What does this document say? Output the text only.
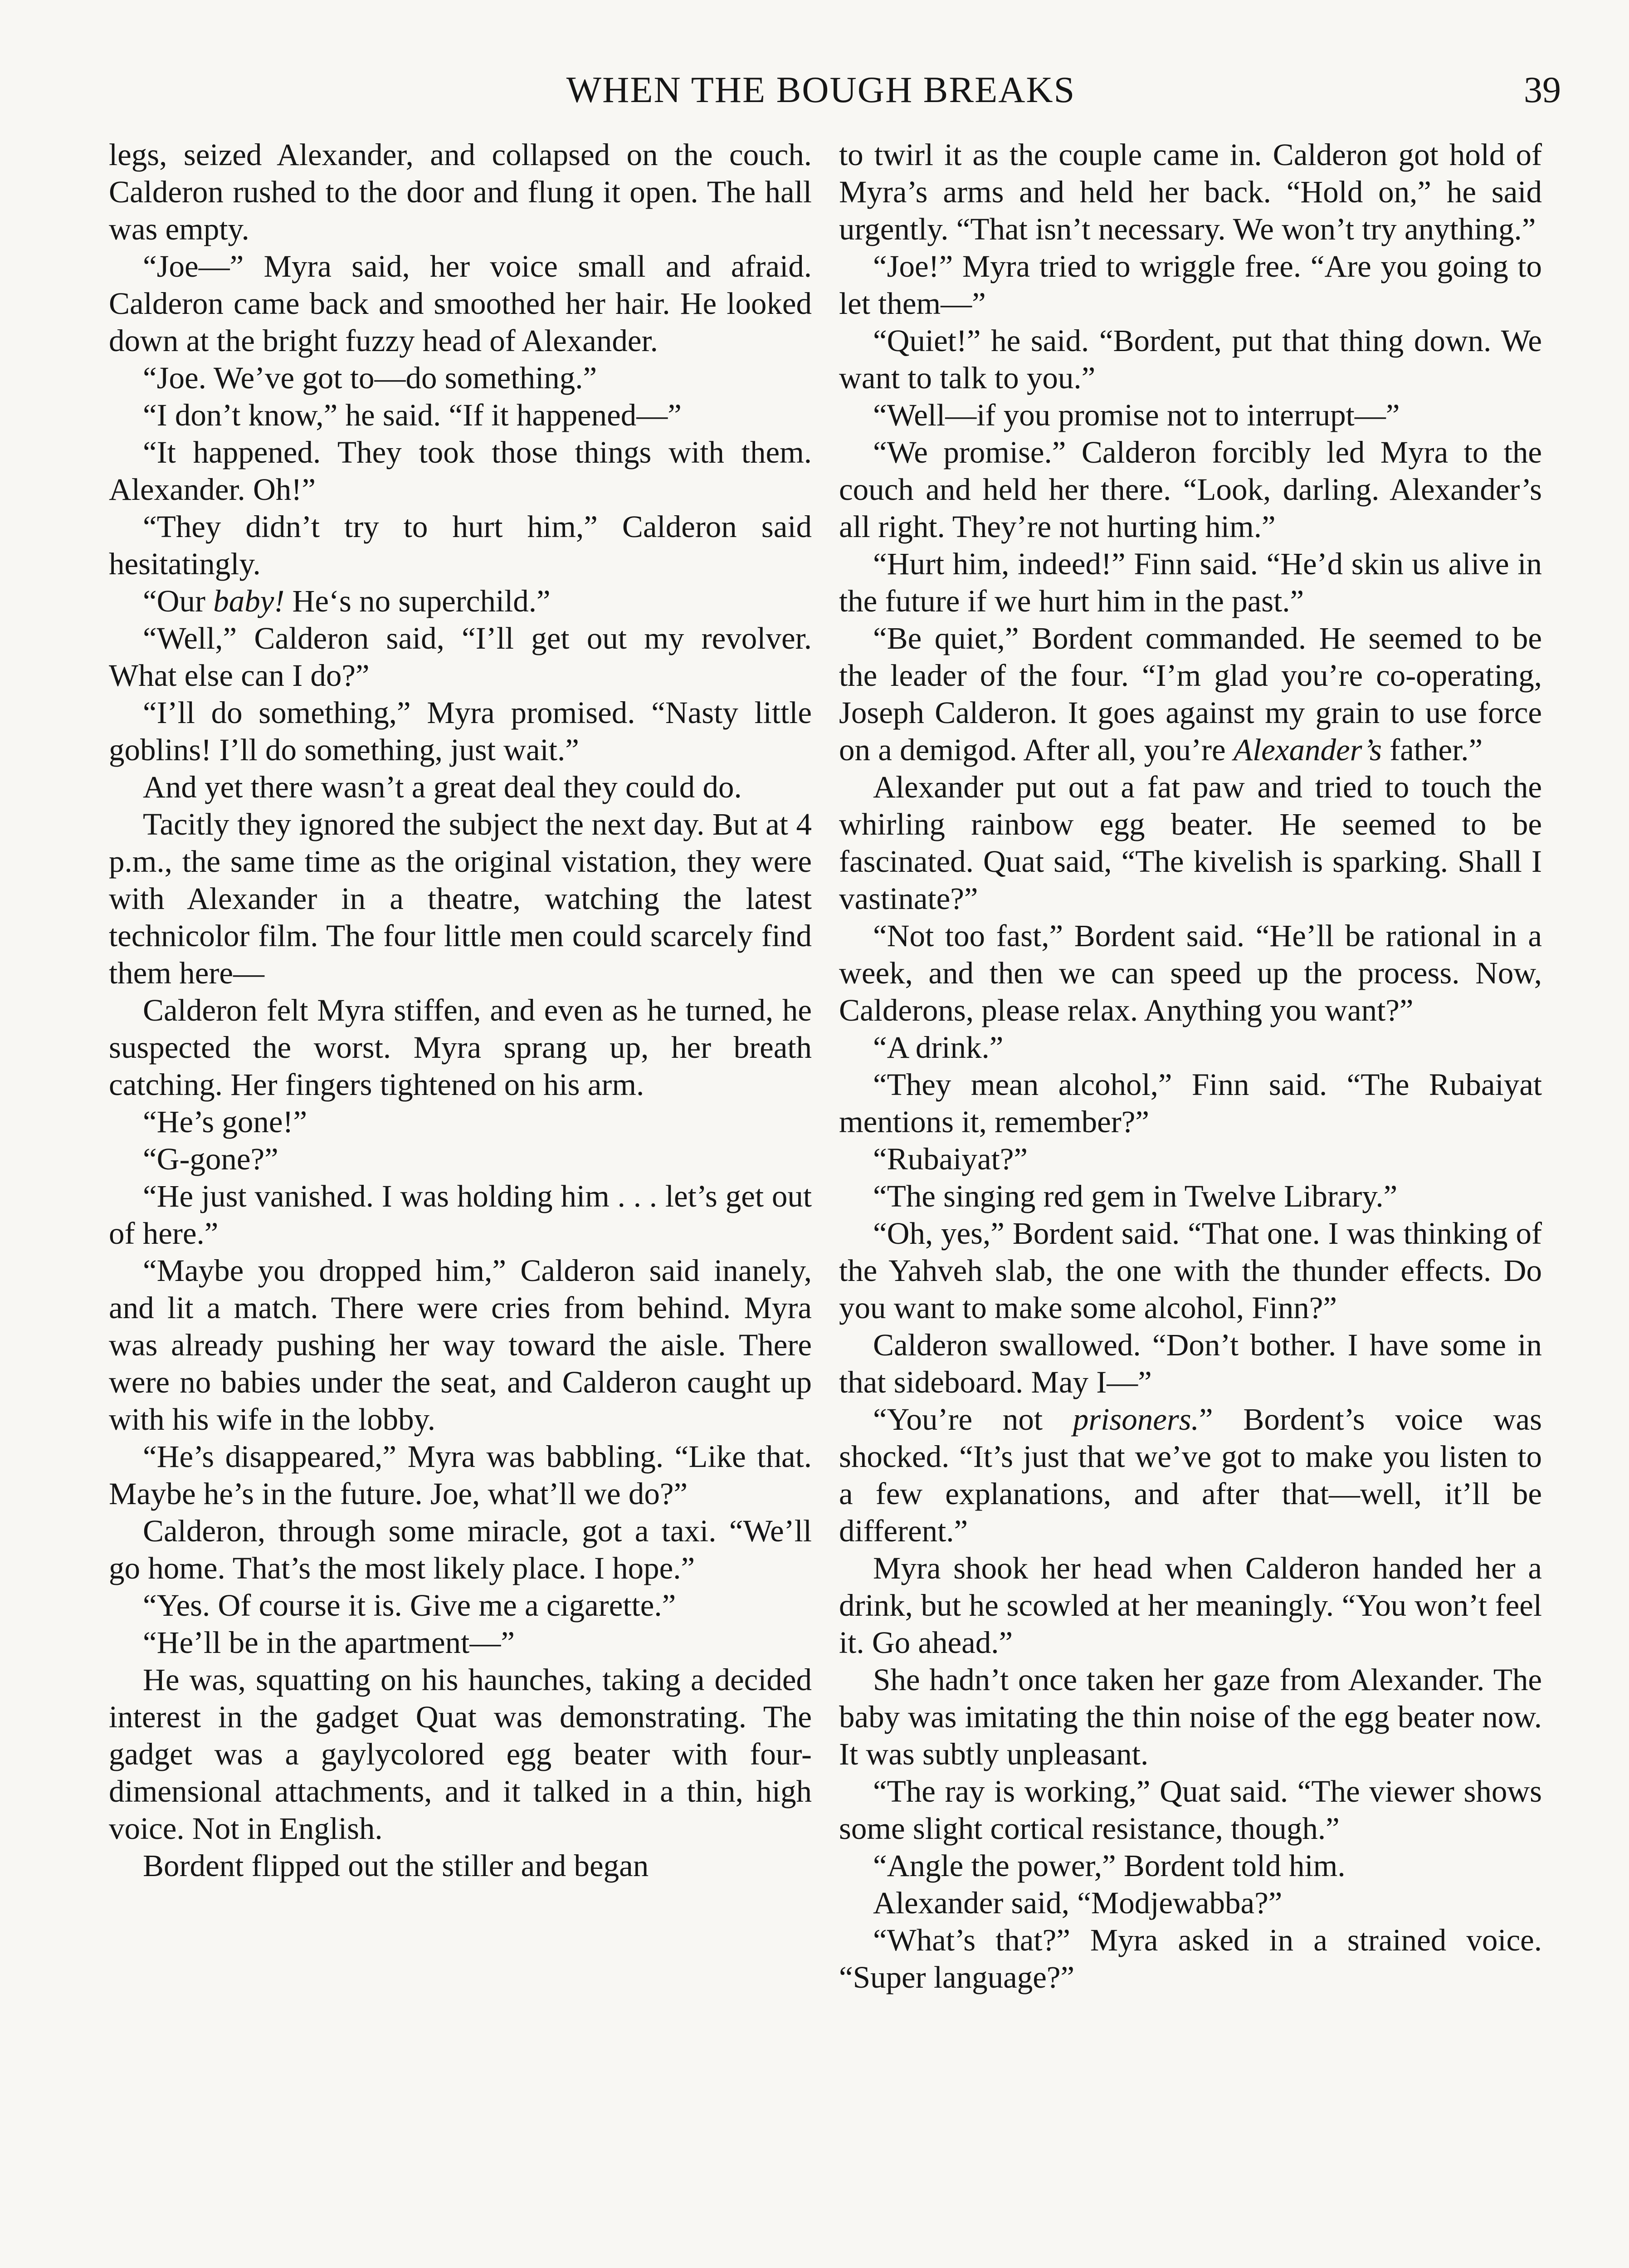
WHEN THE BOUGH BREAKS	39

legs, seized Alexander, and collapsed on the couch. Calderon rushed to the door and flung it open. The hall was empty.

“Joe—” Myra said, her voice small and afraid. Calderon came back and smoothed her hair. He looked down at the bright fuzzy head of Alexander.

“Joe. We’ve got to—do something.”

“I don’t know,” he said. “If it happened—”

“It happened. They took those things with them. Alexander. Oh!”

“They didn’t try to hurt him,” Calderon said hesitatingly.

“Our baby! He‘s no superchild.”

“Well,” Calderon said, “I’ll get out my revolver. What else can I do?”

“I’ll do something,” Myra promised. “Nasty little goblins! I’ll do something, just wait.”

And yet there wasn’t a great deal they could do.

Tacitly they ignored the subject the next day. But at 4 p.m., the same time as the original vistation, they were with Alexander in a theatre, watching the latest technicolor film. The four little men could scarcely find them here—

Calderon felt Myra stiffen, and even as he turned, he suspected the worst. Myra sprang up, her breath catching. Her fingers tightened on his arm.

“He’s gone!”

“G-gone?”

“He just vanished. I was holding him . . . let’s get out of here.”

“Maybe you dropped him,” Calderon said inanely, and lit a match. There were cries from behind. Myra was already pushing her way toward the aisle. There were no babies under the seat, and Calderon caught up with his wife in the lobby.

“He’s disappeared,” Myra was babbling. “Like that. Maybe he’s in the future. Joe, what’ll we do?”

Calderon, through some miracle, got a taxi. “We’ll go home. That’s the most likely place. I hope.”

“Yes. Of course it is. Give me a cigarette.”

“He’ll be in the apartment—”

He was, squatting on his haunches, taking a decided interest in the gadget Quat was demonstrating. The gadget was a gaylycolored egg beater with four-dimensional attachments, and it talked in a thin, high voice. Not in English.

Bordent flipped out the stiller and began

to twirl it as the couple came in. Calderon got hold of Myra’s arms and held her back. “Hold on,” he said urgently. “That isn’t necessary. We won’t try anything.”

“Joe!” Myra tried to wriggle free. “Are you going to let them—”

“Quiet!” he said. “Bordent, put that thing down. We want to talk to you.”

“Well—if you promise not to interrupt—”

“We promise.” Calderon forcibly led Myra to the couch and held her there. “Look, darling. Alexander’s all right. They’re not hurting him.”

“Hurt him, indeed!” Finn said. “He’d skin us alive in the future if we hurt him in the past.”

“Be quiet,” Bordent commanded. He seemed to be the leader of the four. “I’m glad you’re co-operating, Joseph Calderon. It goes against my grain to use force on a demigod. After all, you’re Alexander’s father.”

Alexander put out a fat paw and tried to touch the whirling rainbow egg beater. He seemed to be fascinated. Quat said, “The kivelish is sparking. Shall I vastinate?”

“Not too fast,” Bordent said. “He’ll be rational in a week, and then we can speed up the process. Now, Calderons, please relax. Anything you want?”

“A drink.”

“They mean alcohol,” Finn said. “The Rubaiyat mentions it, remember?”

“Rubaiyat?”

“The singing red gem in Twelve Library.”

“Oh, yes,” Bordent said. “That one. I was thinking of the Yahveh slab, the one with the thunder effects. Do you want to make some alcohol, Finn?”

Calderon swallowed. “Don’t bother. I have some in that sideboard. May I—”

“You’re not prisoners.” Bordent’s voice was shocked. “It’s just that we’ve got to make you listen to a few explanations, and after that—well, it’ll be different.”

Myra shook her head when Calderon handed her a drink, but he scowled at her meaningly. “You won’t feel it. Go ahead.”

She hadn’t once taken her gaze from Alexander. The baby was imitating the thin noise of the egg beater now. It was subtly unpleasant.

“The ray is working,” Quat said. “The viewer shows some slight cortical resistance, though.”

“Angle the power,” Bordent told him.

Alexander said, “Modjewabba?”

“What’s that?” Myra asked in a strained voice. “Super language?”
